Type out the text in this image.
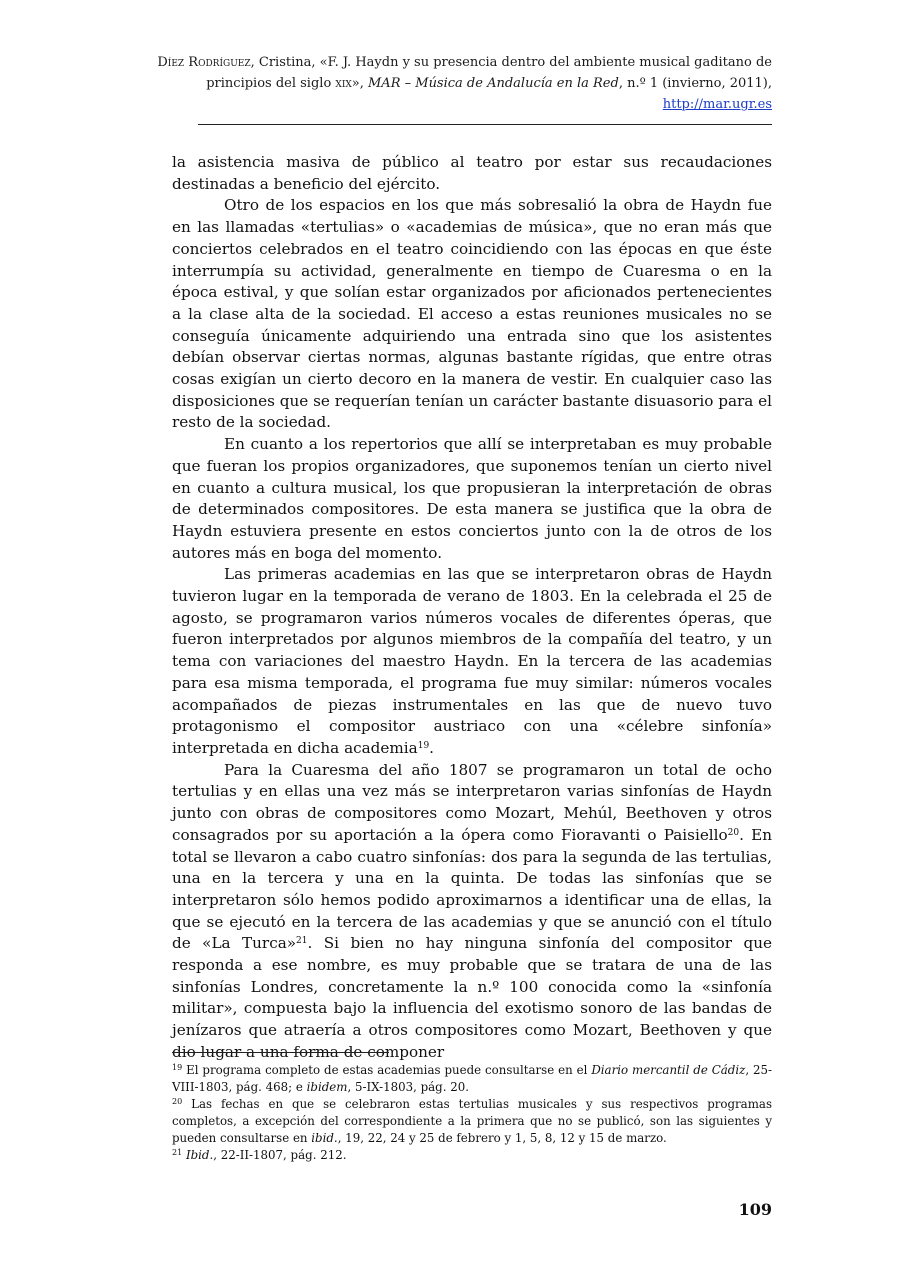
Díez Rodríguez, Cristina, «F. J. Haydn y su presencia dentro del ambiente musical gaditano de
principios del siglo xix», MAR – Música de Andalucía en la Red, n.º 1 (invierno, 2011),
http://mar.ugr.es

la asistencia masiva de público al teatro por estar sus recaudaciones destinadas a beneficio del ejército.

Otro de los espacios en los que más sobresalió la obra de Haydn fue en las llamadas «tertulias» o «academias de música», que no eran más que conciertos celebrados en el teatro coincidiendo con las épocas en que éste interrumpía su actividad, generalmente en tiempo de Cuaresma o en la época estival, y que solían estar organizados por aficionados pertenecientes a la clase alta de la sociedad. El acceso a estas reuniones musicales no se conseguía únicamente adquiriendo una entrada sino que los asistentes debían observar ciertas normas, algunas bastante rígidas, que entre otras cosas exigían un cierto decoro en la manera de vestir. En cualquier caso las disposiciones que se requerían tenían un carácter bastante disuasorio para el resto de la sociedad.

En cuanto a los repertorios que allí se interpretaban es muy probable que fueran los propios organizadores, que suponemos tenían un cierto nivel en cuanto a cultura musical, los que propusieran la interpretación de obras de determinados compositores. De esta manera se justifica que la obra de Haydn estuviera presente en estos conciertos junto con la de otros de los autores más en boga del momento.

Las primeras academias en las que se interpretaron obras de Haydn tuvieron lugar en la temporada de verano de 1803. En la celebrada el 25 de agosto, se programaron varios números vocales de diferentes óperas, que fueron interpretados por algunos miembros de la compañía del teatro, y un tema con variaciones del maestro Haydn. En la tercera de las academias para esa misma temporada, el programa fue muy similar: números vocales acompañados de piezas instrumentales en las que de nuevo tuvo protagonismo el compositor austriaco con una «célebre sinfonía» interpretada en dicha academia$^{19}$.

Para la Cuaresma del año 1807 se programaron un total de ocho tertulias y en ellas una vez más se interpretaron varias sinfonías de Haydn junto con obras de compositores como Mozart, Mehúl, Beethoven y otros consagrados por su aportación a la ópera como Fioravanti o Paisiello$^{20}$. En total se llevaron a cabo cuatro sinfonías: dos para la segunda de las tertulias, una en la tercera y una en la quinta. De todas las sinfonías que se interpretaron sólo hemos podido aproximarnos a identificar una de ellas, la que se ejecutó en la tercera de las academias y que se anunció con el título de «La Turca»$^{21}$. Si bien no hay ninguna sinfonía del compositor que responda a ese nombre, es muy probable que se tratara de una de las sinfonías Londres, concretamente la n.º 100 conocida como la «sinfonía militar», compuesta bajo la influencia del exotismo sonoro de las bandas de jenízaros que atraería a otros compositores como Mozart, Beethoven y que dio lugar a una forma de componer

$^{19}$ El programa completo de estas academias puede consultarse en el Diario mercantil de Cádiz, 25-VIII-1803, pág. 468; e ibidem, 5-IX-1803, pág. 20.

$^{20}$ Las fechas en que se celebraron estas tertulias musicales y sus respectivos programas completos, a excepción del correspondiente a la primera que no se publicó, son las siguientes y pueden consultarse en ibid., 19, 22, 24 y 25 de febrero y 1, 5, 8, 12 y 15 de marzo.

$^{21}$ Ibid., 22-II-1807, pág. 212.

109
